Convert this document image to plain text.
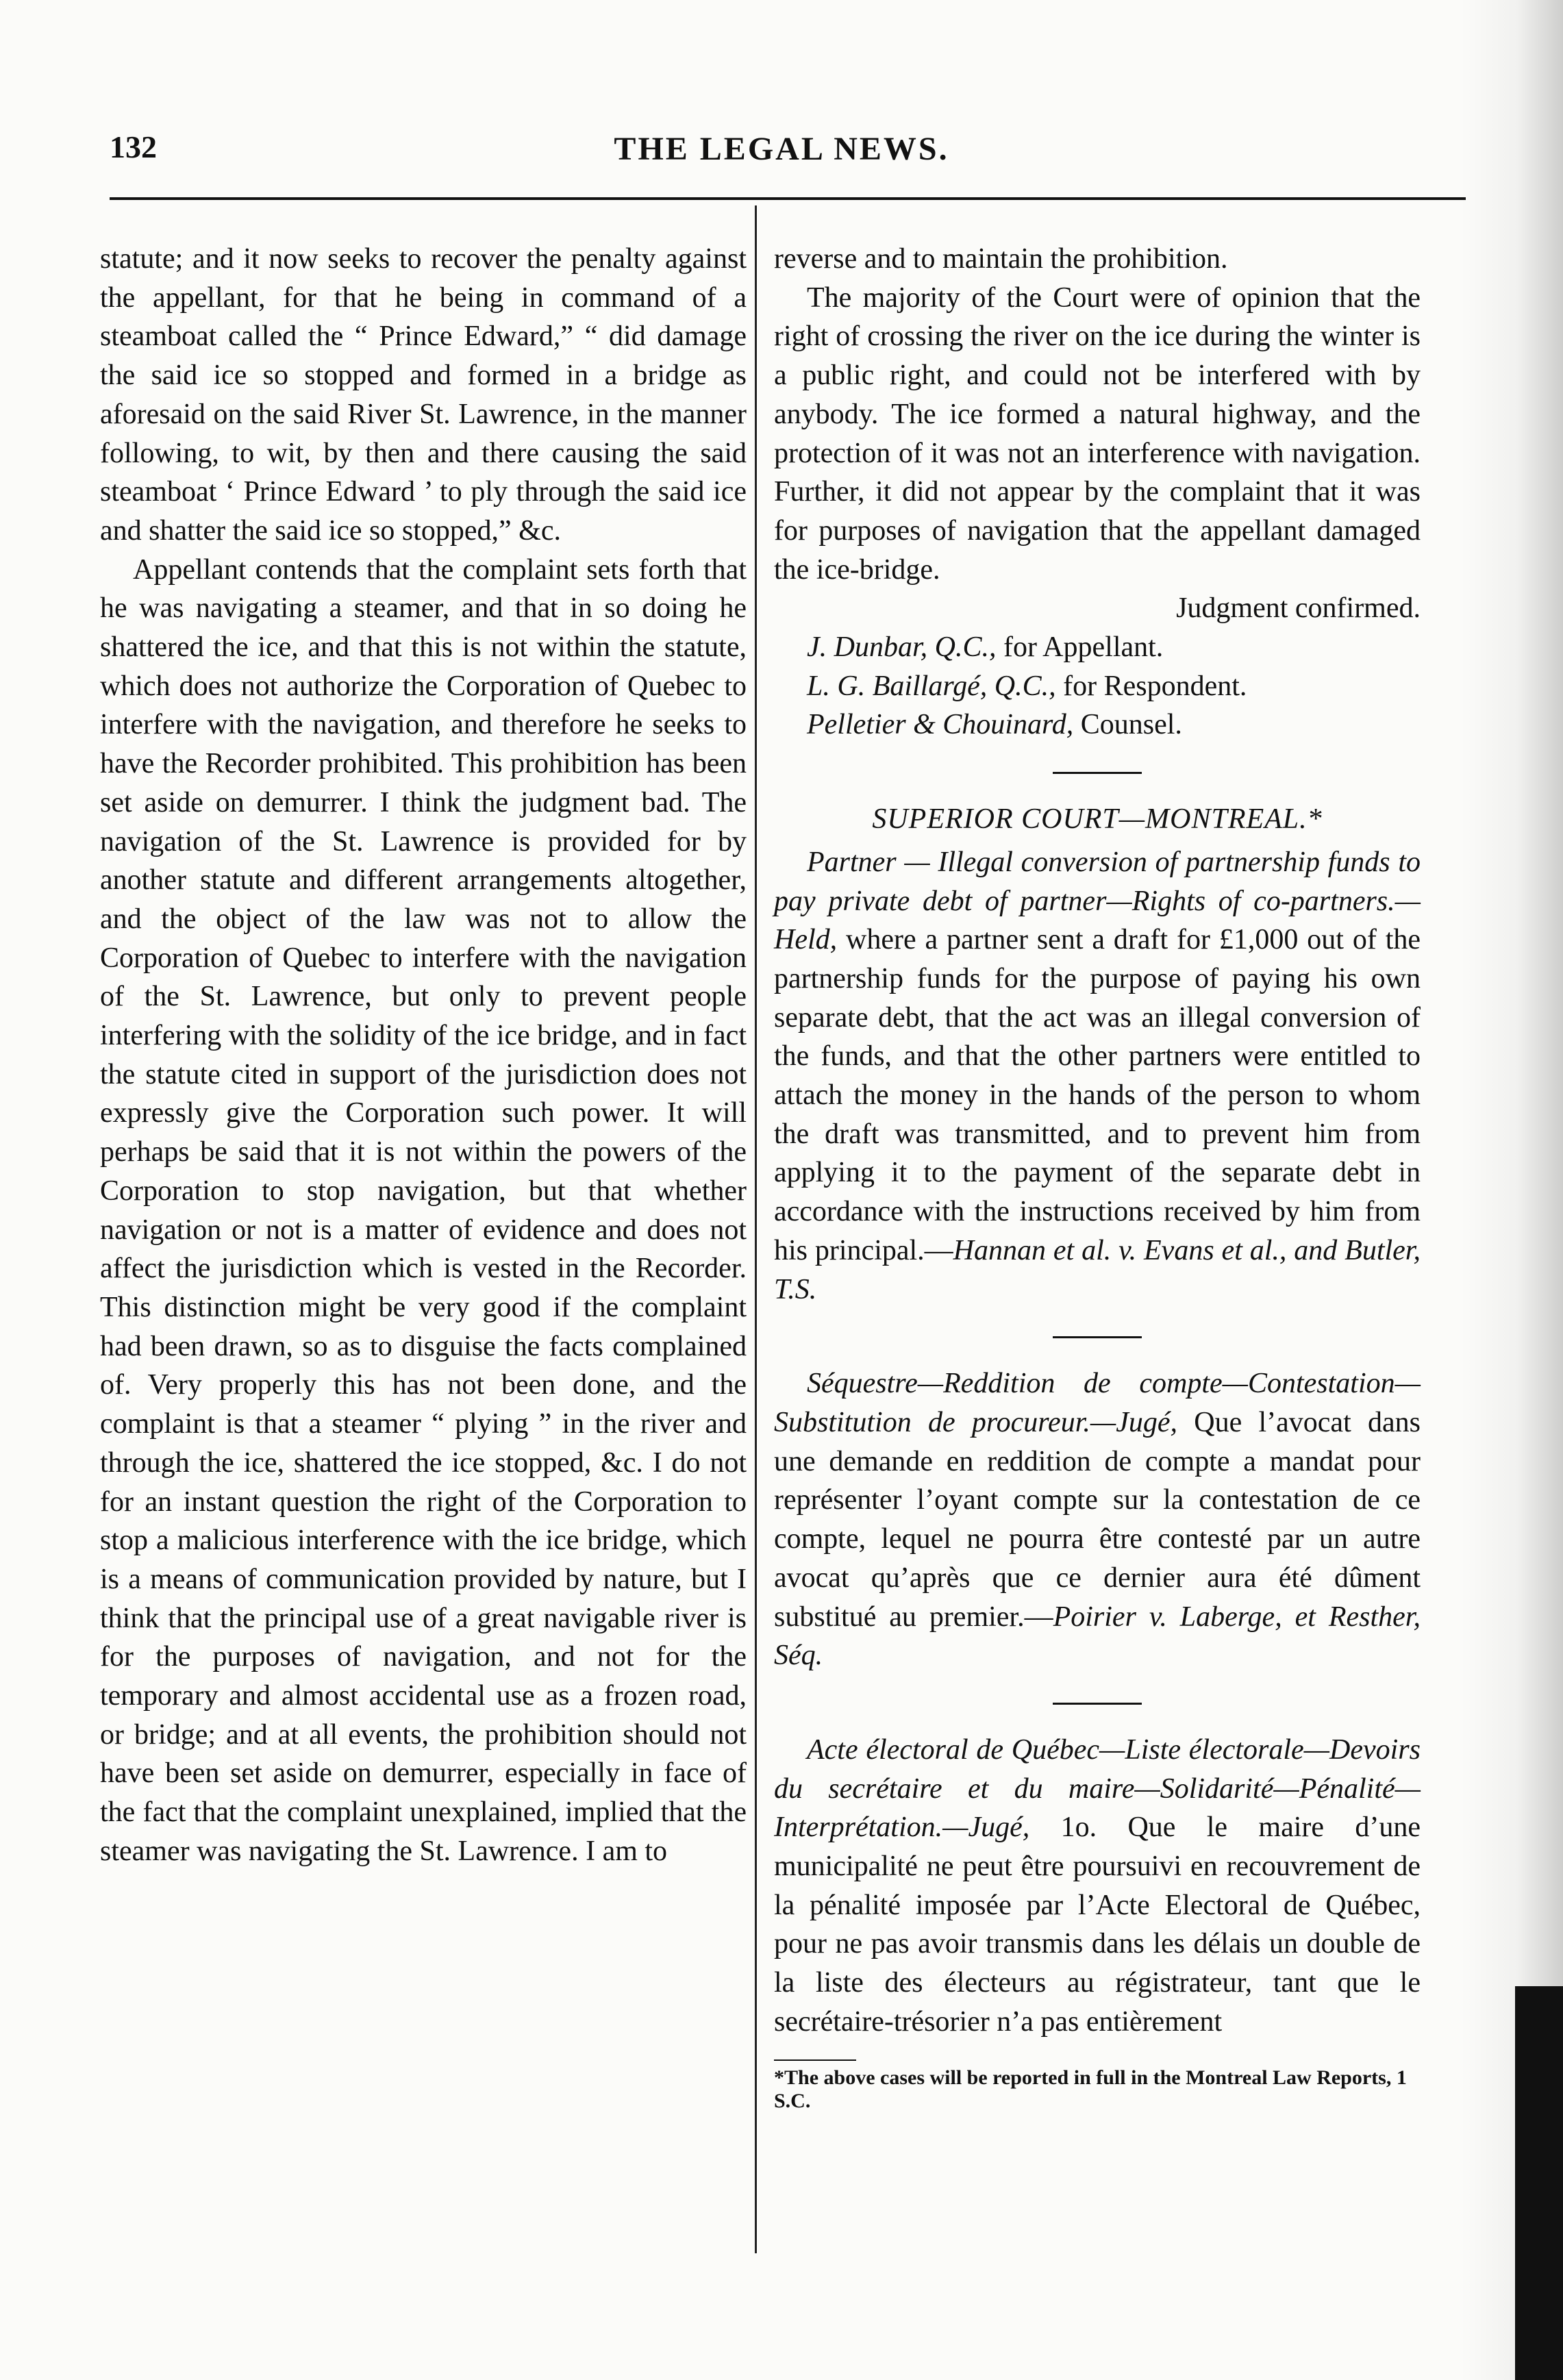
132	THE LEGAL NEWS.

statute; and it now seeks to recover the penalty against the appellant, for that he being in command of a steamboat called the “ Prince Edward,” “ did damage the said ice so stopped and formed in a bridge as aforesaid on the said River St. Lawrence, in the manner following, to wit, by then and there causing the said steamboat ‘ Prince Edward ’ to ply through the said ice and shatter the said ice so stopped,” &c.

Appellant contends that the complaint sets forth that he was navigating a steamer, and that in so doing he shattered the ice, and that this is not within the statute, which does not authorize the Corporation of Quebec to interfere with the navigation, and therefore he seeks to have the Recorder prohibited. This prohibition has been set aside on demurrer. I think the judgment bad. The navigation of the St. Lawrence is provided for by another statute and different arrangements altogether, and the object of the law was not to allow the Corporation of Quebec to interfere with the navigation of the St. Lawrence, but only to prevent people interfering with the solidity of the ice bridge, and in fact the statute cited in support of the jurisdiction does not expressly give the Corporation such power. It will perhaps be said that it is not within the powers of the Corporation to stop navigation, but that whether navigation or not is a matter of evidence and does not affect the jurisdiction which is vested in the Recorder. This distinction might be very good if the complaint had been drawn, so as to disguise the facts complained of. Very properly this has not been done, and the complaint is that a steamer “ plying ” in the river and through the ice, shattered the ice stopped, &c. I do not for an instant question the right of the Corporation to stop a malicious interference with the ice bridge, which is a means of communication provided by nature, but I think that the principal use of a great navigable river is for the purposes of navigation, and not for the temporary and almost accidental use as a frozen road, or bridge; and at all events, the prohibition should not have been set aside on demurrer, especially in face of the fact that the complaint unexplained, implied that the steamer was navigating the St. Lawrence. I am to

reverse and to maintain the prohibition.

The majority of the Court were of opinion that the right of crossing the river on the ice during the winter is a public right, and could not be interfered with by anybody. The ice formed a natural highway, and the protection of it was not an interference with navigation. Further, it did not appear by the complaint that it was for purposes of navigation that the appellant damaged the ice-bridge.

Judgment confirmed.

J. Dunbar, Q.C., for Appellant.

L. G. Baillargé, Q.C., for Respondent.

Pelletier & Chouinard, Counsel.

SUPERIOR COURT—MONTREAL.*

Partner — Illegal conversion of partnership funds to pay private debt of partner—Rights of co-partners.—Held, where a partner sent a draft for £1,000 out of the partnership funds for the purpose of paying his own separate debt, that the act was an illegal conversion of the funds, and that the other partners were entitled to attach the money in the hands of the person to whom the draft was transmitted, and to prevent him from applying it to the payment of the separate debt in accordance with the instructions received by him from his principal.—Hannan et al. v. Evans et al., and Butler, T.S.

Séquestre—Reddition de compte—Contestation—Substitution de procureur.—Jugé, Que l’avocat dans une demande en reddition de compte a mandat pour représenter l’oyant compte sur la contestation de ce compte, lequel ne pourra être contesté par un autre avocat qu’après que ce dernier aura été dûment substitué au premier.—Poirier v. Laberge, et Resther, Séq.

Acte électoral de Québec—Liste électorale—Devoirs du secrétaire et du maire—Solidarité—Pénalité—Interprétation.—Jugé, 1o. Que le maire d’une municipalité ne peut être poursuivi en recouvrement de la pénalité imposée par l’Acte Electoral de Québec, pour ne pas avoir transmis dans les délais un double de la liste des électeurs au régistrateur, tant que le secrétaire-trésorier n’a pas entièrement

*The above cases will be reported in full in the Montreal Law Reports, 1 S.C.
